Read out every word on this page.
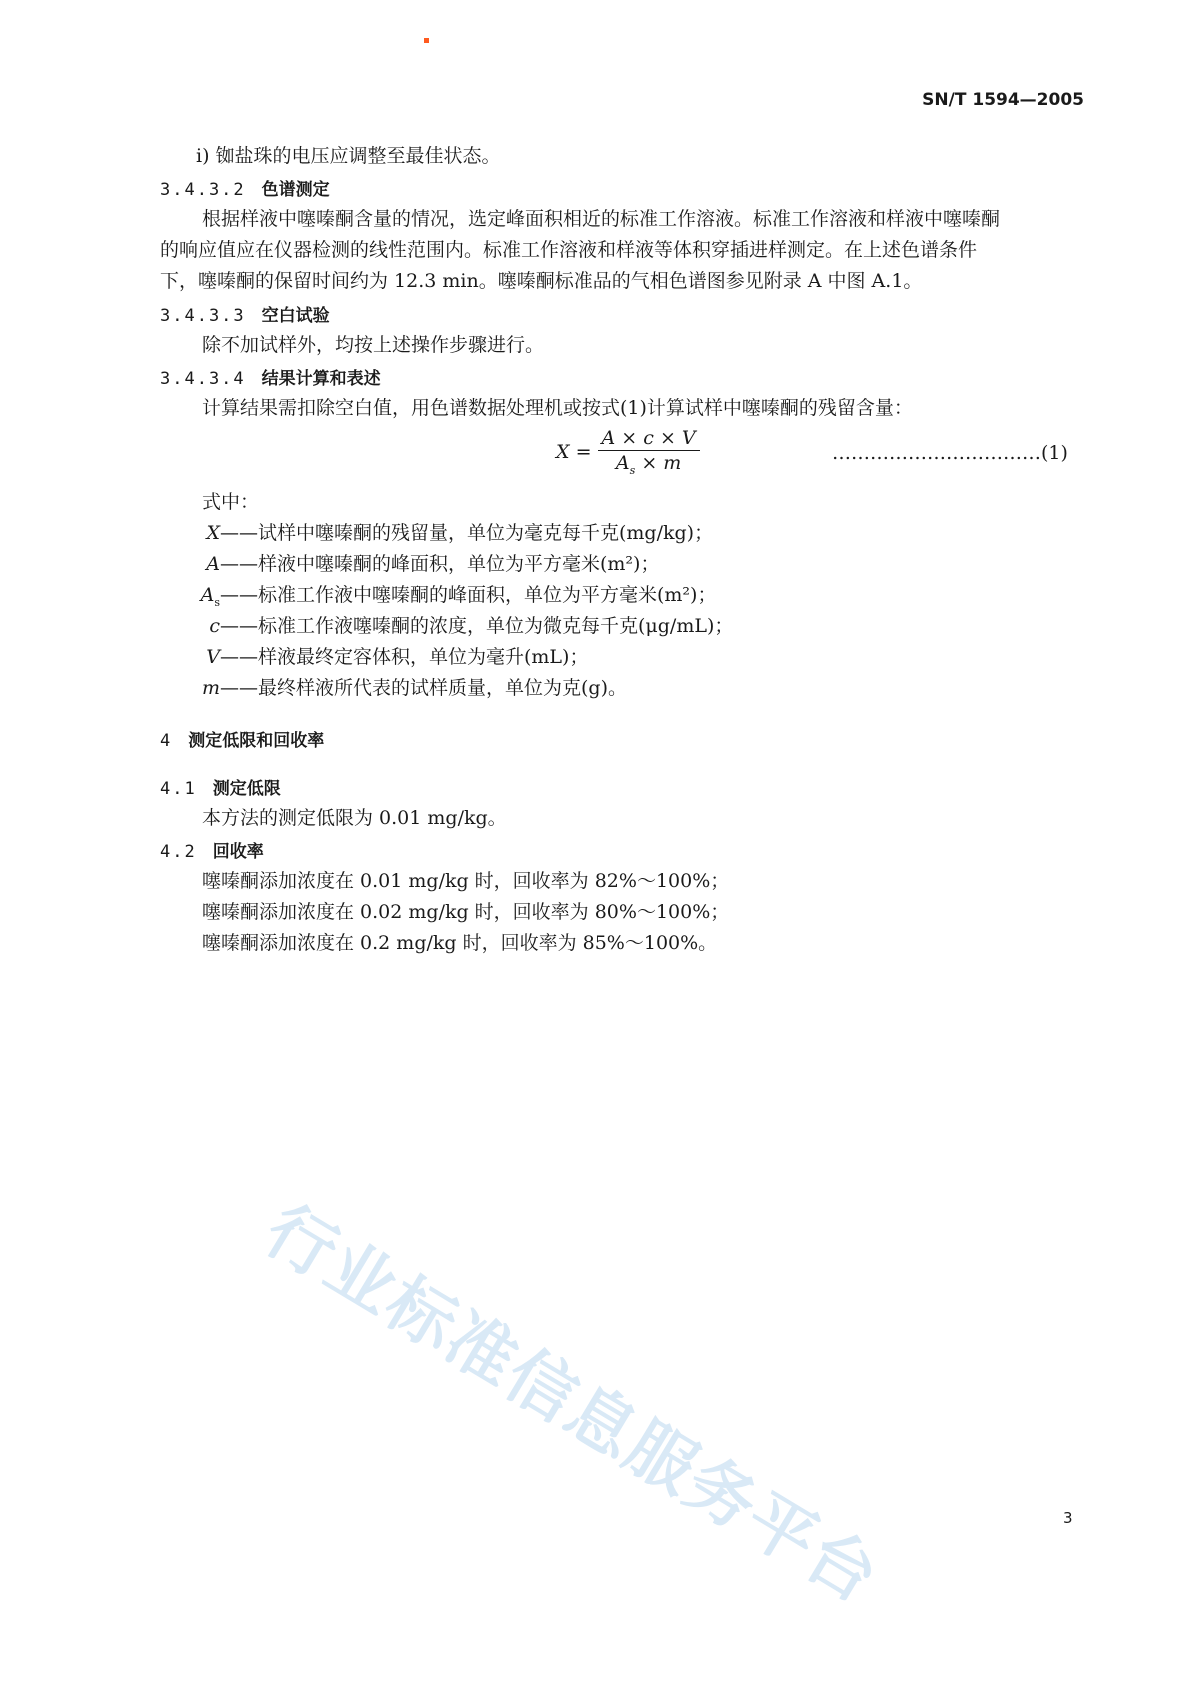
SN/T 1594—2005
i) 铷盐珠的电压应调整至最佳状态。
3.4.3.2 色谱测定
根据样液中噻嗪酮含量的情况，选定峰面积相近的标准工作溶液。标准工作溶液和样液中噻嗪酮
的响应值应在仪器检测的线性范围内。标准工作溶液和样液等体积穿插进样测定。在上述色谱条件
下，噻嗪酮的保留时间约为 12.3 min。噻嗪酮标准品的气相色谱图参见附录 A 中图 A.1。
3.4.3.3 空白试验
除不加试样外，均按上述操作步骤进行。
3.4.3.4 结果计算和表述
计算结果需扣除空白值，用色谱数据处理机或按式(1)计算试样中噻嗪酮的残留含量：
$X = \frac{A \times c \times V}{A_s \times m}$	……………………………(1)
式中：
X——试样中噻嗪酮的残留量，单位为毫克每千克(mg/kg)；
A——样液中噻嗪酮的峰面积，单位为平方毫米(m²)；
$A_s——$标准工作液中噻嗪酮的峰面积，单位为平方毫米(m²)；
c——标准工作液噻嗪酮的浓度，单位为微克每千克(μg/mL)；
V——样液最终定容体积，单位为毫升(mL)；
m——最终样液所代表的试样质量，单位为克(g)。
4 测定低限和回收率
4.1 测定低限
本方法的测定低限为 0.01 mg/kg。
4.2 回收率
噻嗪酮添加浓度在 0.01 mg/kg 时，回收率为 82%～100%；
噻嗪酮添加浓度在 0.02 mg/kg 时，回收率为 80%～100%；
噻嗪酮添加浓度在 0.2 mg/kg 时，回收率为 85%～100%。
行业标准信息服务平台	3
